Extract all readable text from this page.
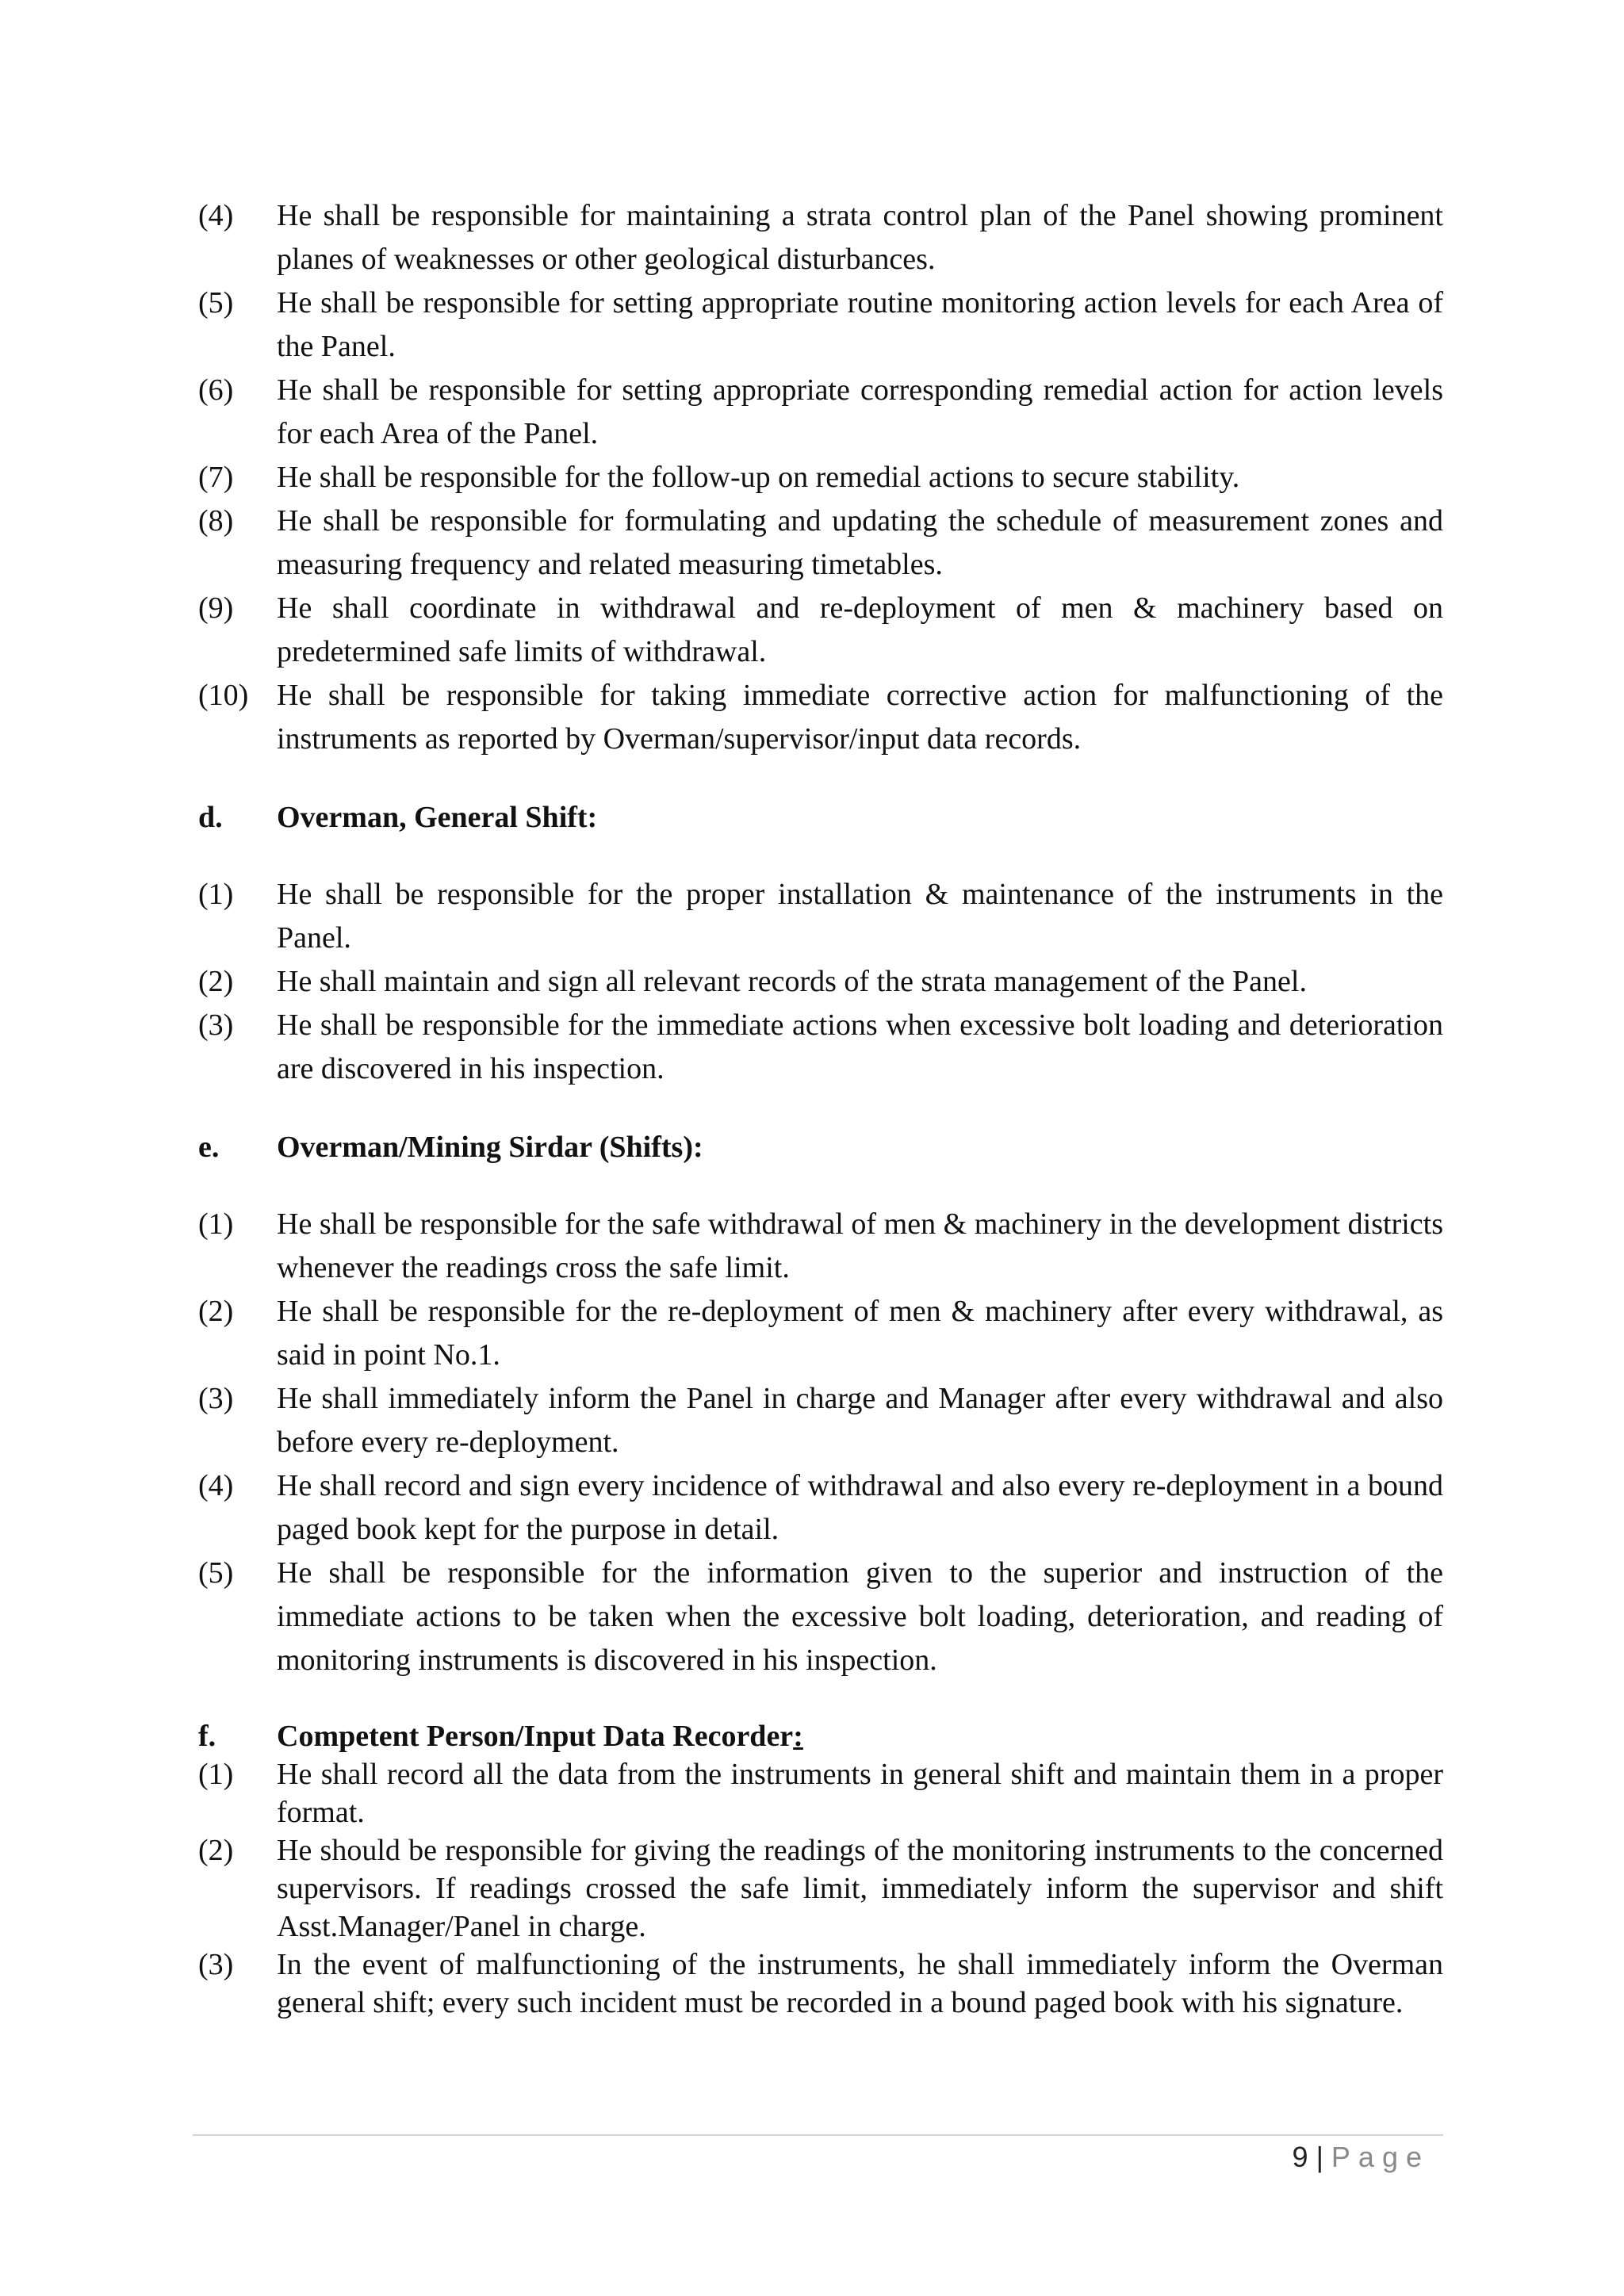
(4)	He shall be responsible for maintaining a strata control plan of the Panel showing prominent planes of weaknesses or other geological disturbances.
(5)	He shall be responsible for setting appropriate routine monitoring action levels for each Area of the Panel.
(6)	He shall be responsible for setting appropriate corresponding remedial action for action levels for each Area of the Panel.
(7)	He shall be responsible for the follow-up on remedial actions to secure stability.
(8)	He shall be responsible for formulating and updating the schedule of measurement zones and measuring frequency and related measuring timetables.
(9)	He shall coordinate in withdrawal and re-deployment of men & machinery based on predetermined safe limits of withdrawal.
(10) He shall be responsible for taking immediate corrective action for malfunctioning of the instruments as reported by Overman/supervisor/input data records.
d.	Overman, General Shift:
(1)	He shall be responsible for the proper installation & maintenance of the instruments in the Panel.
(2)	He shall maintain and sign all relevant records of the strata management of the Panel.
(3)	He shall be responsible for the immediate actions when excessive bolt loading and deterioration are discovered in his inspection.
e.	Overman/Mining Sirdar (Shifts):
(1)	He shall be responsible for the safe withdrawal of men & machinery in the development districts whenever the readings cross the safe limit.
(2)	He shall be responsible for the re-deployment of men & machinery after every withdrawal, as said in point No.1.
(3)	He shall immediately inform the Panel in charge and Manager after every withdrawal and also before every re-deployment.
(4)	He shall record and sign every incidence of withdrawal and also every re-deployment in a bound paged book kept for the purpose in detail.
(5)	He shall be responsible for the information given to the superior and instruction of the immediate actions to be taken when the excessive bolt loading, deterioration, and reading of monitoring instruments is discovered in his inspection.
f.	Competent Person/Input Data Recorder:
(1)	He shall record all the data from the instruments in general shift and maintain them in a proper format.
(2)	He should be responsible for giving the readings of the monitoring instruments to the concerned supervisors. If readings crossed the safe limit, immediately inform the supervisor and shift Asst.Manager/Panel in charge.
(3)	In the event of malfunctioning of the instruments, he shall immediately inform the Overman general shift; every such incident must be recorded in a bound paged book with his signature.
9 | Page
